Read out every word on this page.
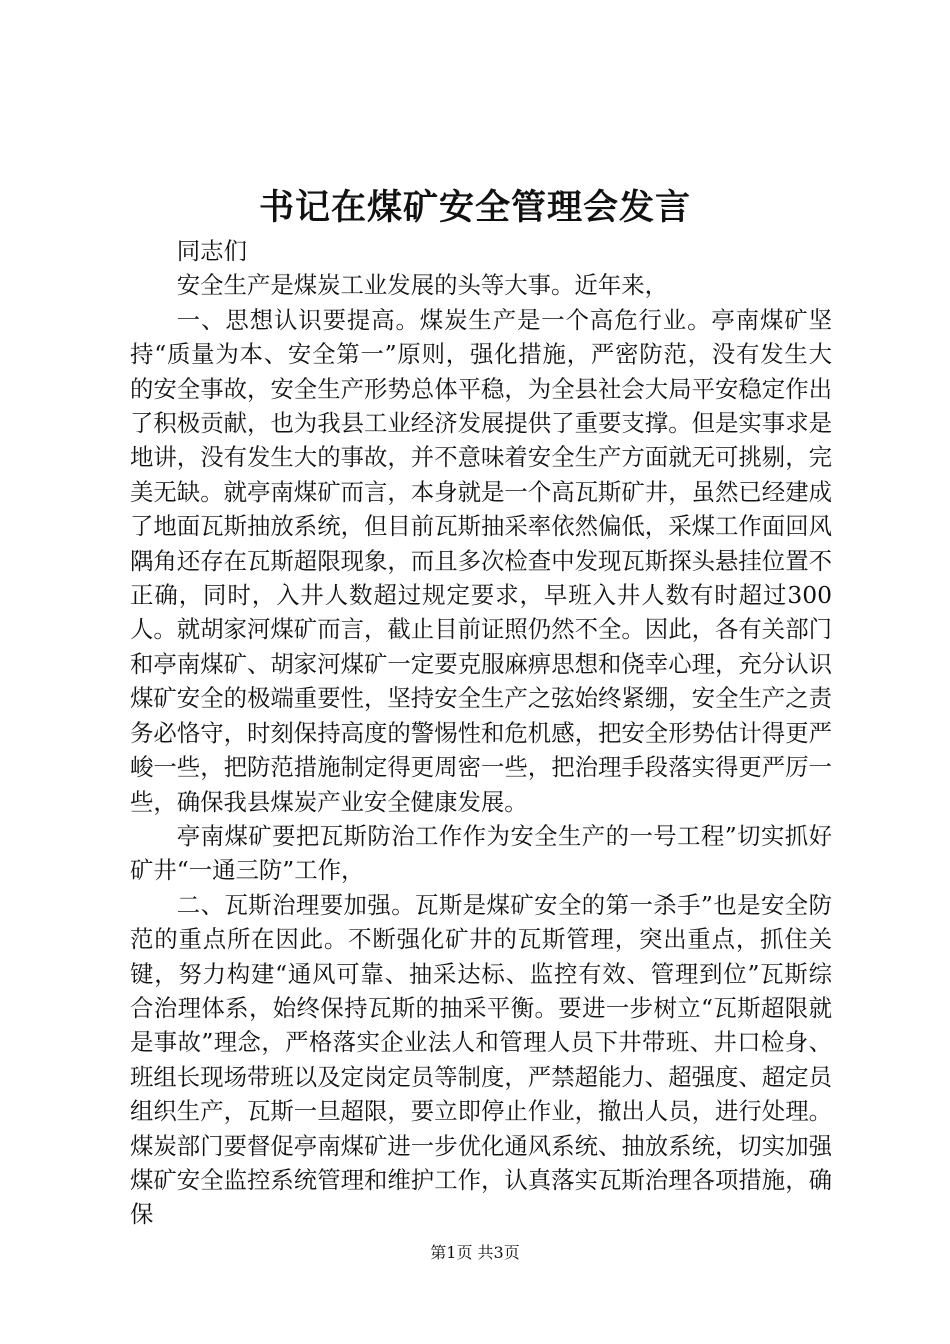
书记在煤矿安全管理会发言

同志们

安全生产是煤炭工业发展的头等大事。近年来，

一、思想认识要提高。煤炭生产是一个高危行业。亭南煤矿坚持“质量为本、安全第一”原则，强化措施，严密防范，没有发生大的安全事故，安全生产形势总体平稳，为全县社会大局平安稳定作出了积极贡献，也为我县工业经济发展提供了重要支撑。但是实事求是地讲，没有发生大的事故，并不意味着安全生产方面就无可挑剔，完美无缺。就亭南煤矿而言，本身就是一个高瓦斯矿井，虽然已经建成了地面瓦斯抽放系统，但目前瓦斯抽采率依然偏低，采煤工作面回风隅角还存在瓦斯超限现象，而且多次检查中发现瓦斯探头悬挂位置不正确，同时，入井人数超过规定要求，早班入井人数有时超过300人。就胡家河煤矿而言，截止目前证照仍然不全。因此，各有关部门和亭南煤矿、胡家河煤矿一定要克服麻痹思想和侥幸心理，充分认识煤矿安全的极端重要性，坚持安全生产之弦始终紧绷，安全生产之责务必恪守，时刻保持高度的警惕性和危机感，把安全形势估计得更严峻一些，把防范措施制定得更周密一些，把治理手段落实得更严厉一些，确保我县煤炭产业安全健康发展。

亭南煤矿要把瓦斯防治工作作为安全生产的一号工程”切实抓好矿井“一通三防”工作，

二、瓦斯治理要加强。瓦斯是煤矿安全的第一杀手”也是安全防范的重点所在因此。不断强化矿井的瓦斯管理，突出重点，抓住关键，努力构建“通风可靠、抽采达标、监控有效、管理到位”瓦斯综合治理体系，始终保持瓦斯的抽采平衡。要进一步树立“瓦斯超限就是事故”理念，严格落实企业法人和管理人员下井带班、井口检身、班组长现场带班以及定岗定员等制度，严禁超能力、超强度、超定员组织生产，瓦斯一旦超限，要立即停止作业，撤出人员，进行处理。煤炭部门要督促亭南煤矿进一步优化通风系统、抽放系统，切实加强煤矿安全监控系统管理和维护工作，认真落实瓦斯治理各项措施，确保

第1页 共3页
